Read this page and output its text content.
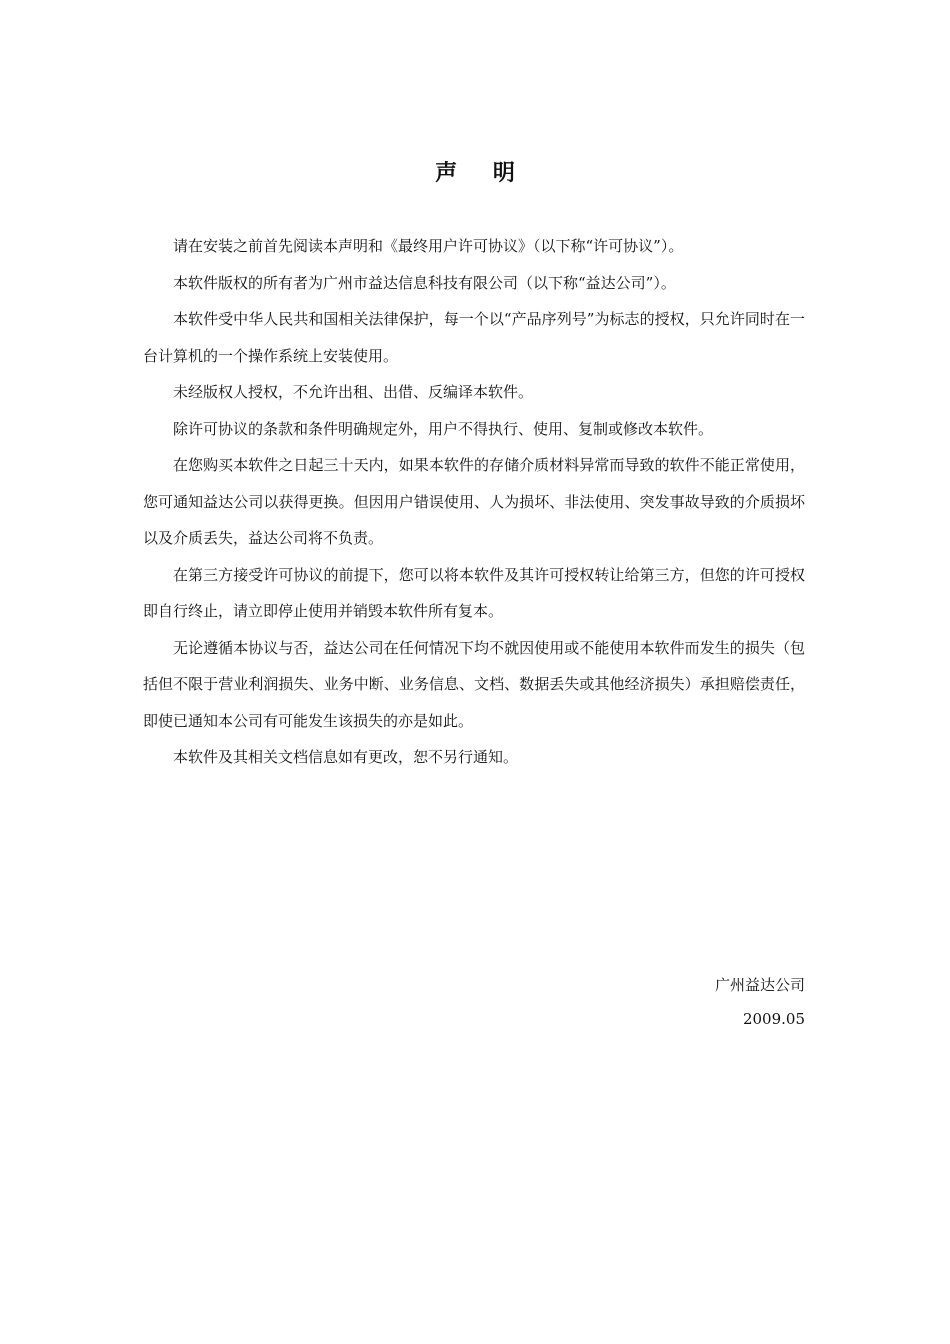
声 明

请在安装之前首先阅读本声明和《最终用户许可协议》（以下称“许可协议”）。

本软件版权的所有者为广州市益达信息科技有限公司（以下称“益达公司”）。

本软件受中华人民共和国相关法律保护，每一个以“产品序列号”为标志的授权，只允许同时在一台计算机的一个操作系统上安装使用。

未经版权人授权，不允许出租、出借、反编译本软件。

除许可协议的条款和条件明确规定外，用户不得执行、使用、复制或修改本软件。

在您购买本软件之日起三十天内，如果本软件的存储介质材料异常而导致的软件不能正常使用，您可通知益达公司以获得更换。但因用户错误使用、人为损坏、非法使用、突发事故导致的介质损坏以及介质丢失，益达公司将不负责。

在第三方接受许可协议的前提下，您可以将本软件及其许可授权转让给第三方，但您的许可授权即自行终止，请立即停止使用并销毁本软件所有复本。

无论遵循本协议与否，益达公司在任何情况下均不就因使用或不能使用本软件而发生的损失（包括但不限于营业利润损失、业务中断、业务信息、文档、数据丢失或其他经济损失）承担赔偿责任，即使已通知本公司有可能发生该损失的亦是如此。

本软件及其相关文档信息如有更改，恕不另行通知。

广州益达公司
2009.05
